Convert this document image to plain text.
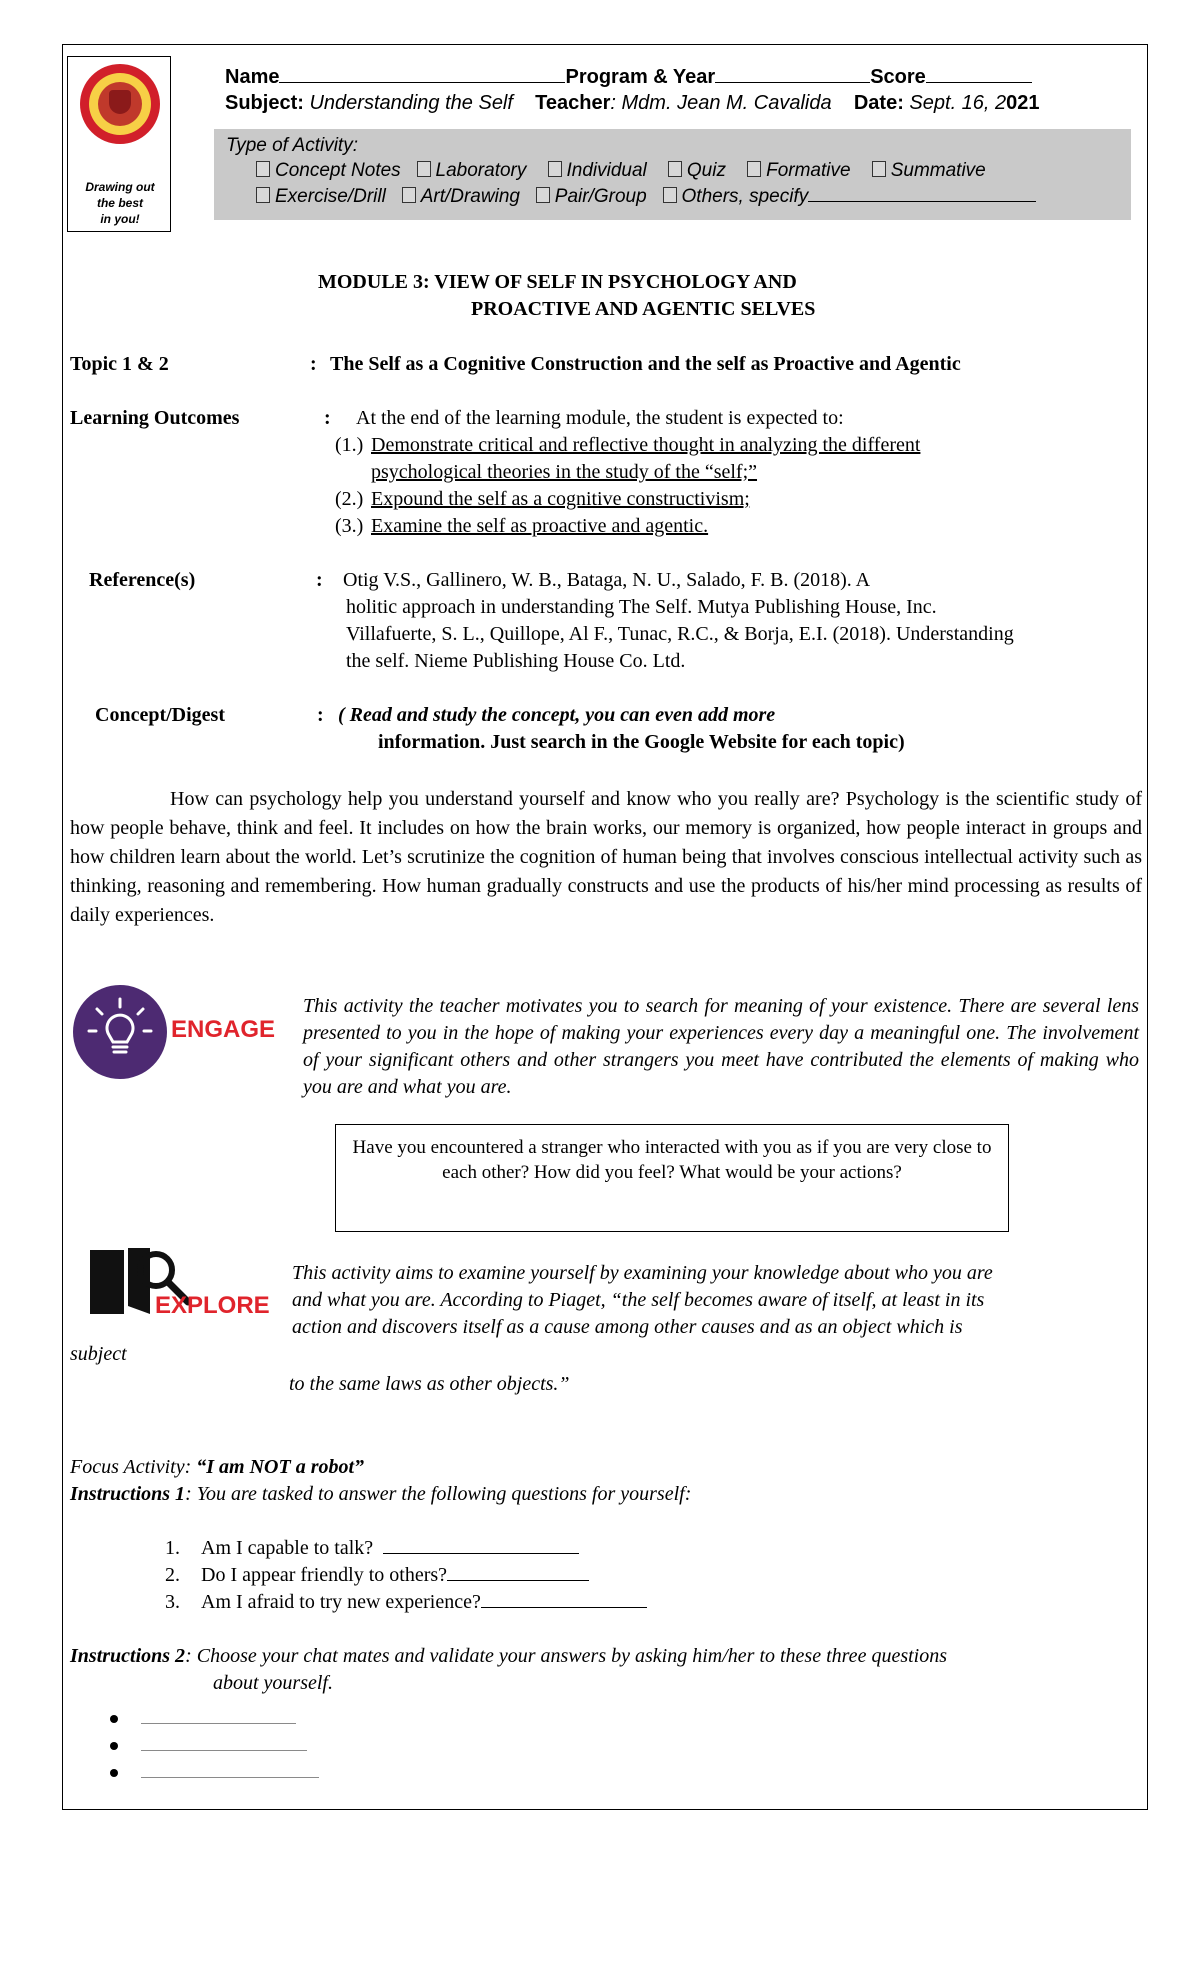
Drawing out
the best
in you!
Name	Program & Year	Score
Subject: Understanding the Self Teacher: Mdm. Jean M. Cavalida Date: Sept. 16, 2021
Type of Activity:
Concept Notes Laboratory Individual Quiz Formative Summative
Exercise/Drill Art/Drawing Pair/Group Others, specify
MODULE 3: VIEW OF SELF IN PSYCHOLOGY AND
PROACTIVE AND AGENTIC SELVES
Topic 1 & 2	: The Self as a Cognitive Construction and the self as Proactive and Agentic
Learning Outcomes	: At the end of the learning module, the student is expected to:
(1.) Demonstrate critical and reflective thought in analyzing the different
psychological theories in the study of the “self;”
(2.) Expound the self as a cognitive constructivism;
(3.) Examine the self as proactive and agentic.
Reference(s)	: Otig V.S., Gallinero, W. B., Bataga, N. U., Salado, F. B. (2018). A
holitic approach in understanding The Self. Mutya Publishing House, Inc.
Villafuerte, S. L., Quillope, Al F., Tunac, R.C., & Borja, E.I. (2018). Understanding
the self. Nieme Publishing House Co. Ltd.
Concept/Digest	: ( Read and study the concept, you can even add more
information. Just search in the Google Website for each topic)
How can psychology help you understand yourself and know who you really are? Psychology is the scientific study of how people behave, think and feel. It includes on how the brain works, our memory is organized, how people interact in groups and how children learn about the world. Let’s scrutinize the cognition of human being that involves conscious intellectual activity such as thinking, reasoning and remembering. How human gradually constructs and use the products of his/her mind processing as results of daily experiences.
ENGAGE
This activity the teacher motivates you to search for meaning of your existence. There are several lens presented to you in the hope of making your experiences every day a meaningful one. The involvement of your significant others and other strangers you meet have contributed the elements of making who you are and what you are.

Have you encountered a stranger who interacted with you as if you are very close to each other? How did you feel? What would be your actions?

EXPLORE
This activity aims to examine yourself by examining your knowledge about who you are
and what you are. According to Piaget, “the self becomes aware of itself, at least in its
action and discovers itself as a cause among other causes and as an object which is
subject
to the same laws as other objects.”
Focus Activity: “I am NOT a robot”
Instructions 1: You are tasked to answer the following questions for yourself:
1. Am I capable to talk?
2. Do I appear friendly to others?
3. Am I afraid to try new experience?
Instructions 2: Choose your chat mates and validate your answers by asking him/her to these three questions
about yourself.
